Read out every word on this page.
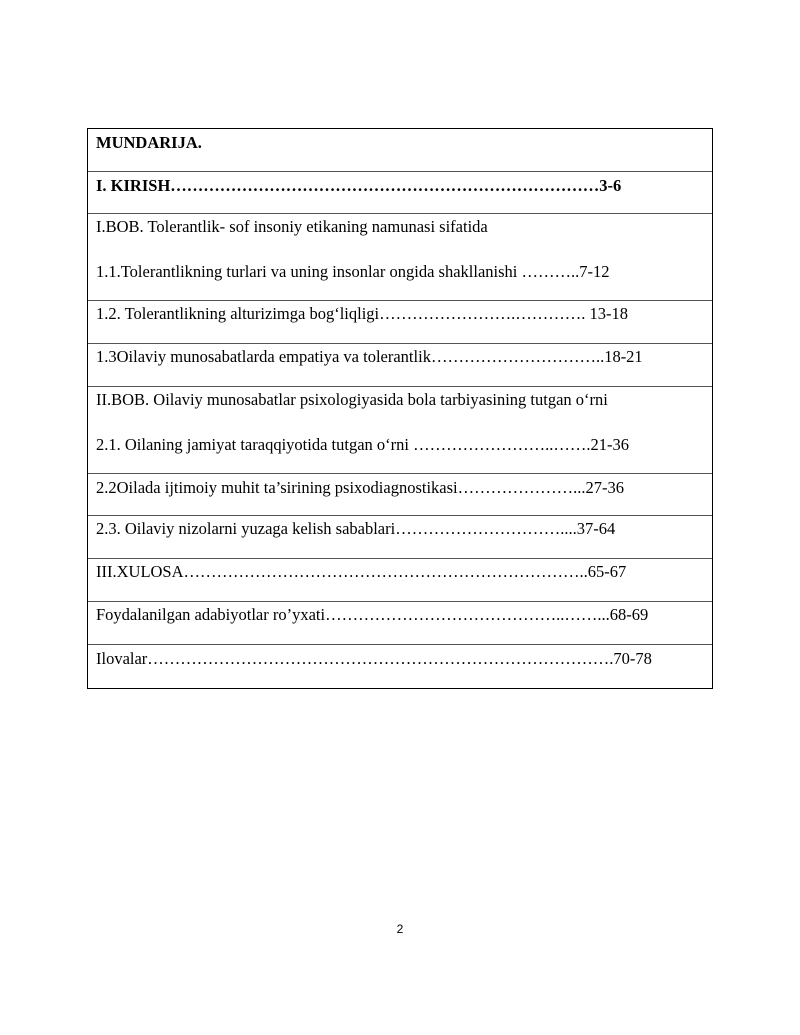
MUNDARIJA.
I. KIRISH……………………………………………………………………3-6
I.BOB. Tolerantlik- sof insoniy etikaning namunasi sifatida
1.1.Tolerantlikning turlari va uning insonlar ongida shakllanishi ………..7-12
1.2. Tolerantlikning alturizimga bog‘liqligi…………………….…………. 13-18
1.3Oilaviy munosabatlarda empatiya va tolerantlik…………………………..18-21
II.BOB. Oilaviy munosabatlar psixologiyasida bola tarbiyasining tutgan o‘rni
2.1. Oilaning jamiyat taraqqiyotida tutgan o‘rni ……………………..…….21-36
2.2Oilada ijtimoiy muhit ta’sirining psixodiagnostikasi…………………...27-36
2.3. Oilaviy nizolarni yuzaga kelish sabablari…………………………....37-64
III.XULOSA………………………………………………………………..65-67
Foydalanilgan adabiyotlar ro’yxati……………………………………..……...68-69
Ilovalar………………………………………………………………………….70-78
2
